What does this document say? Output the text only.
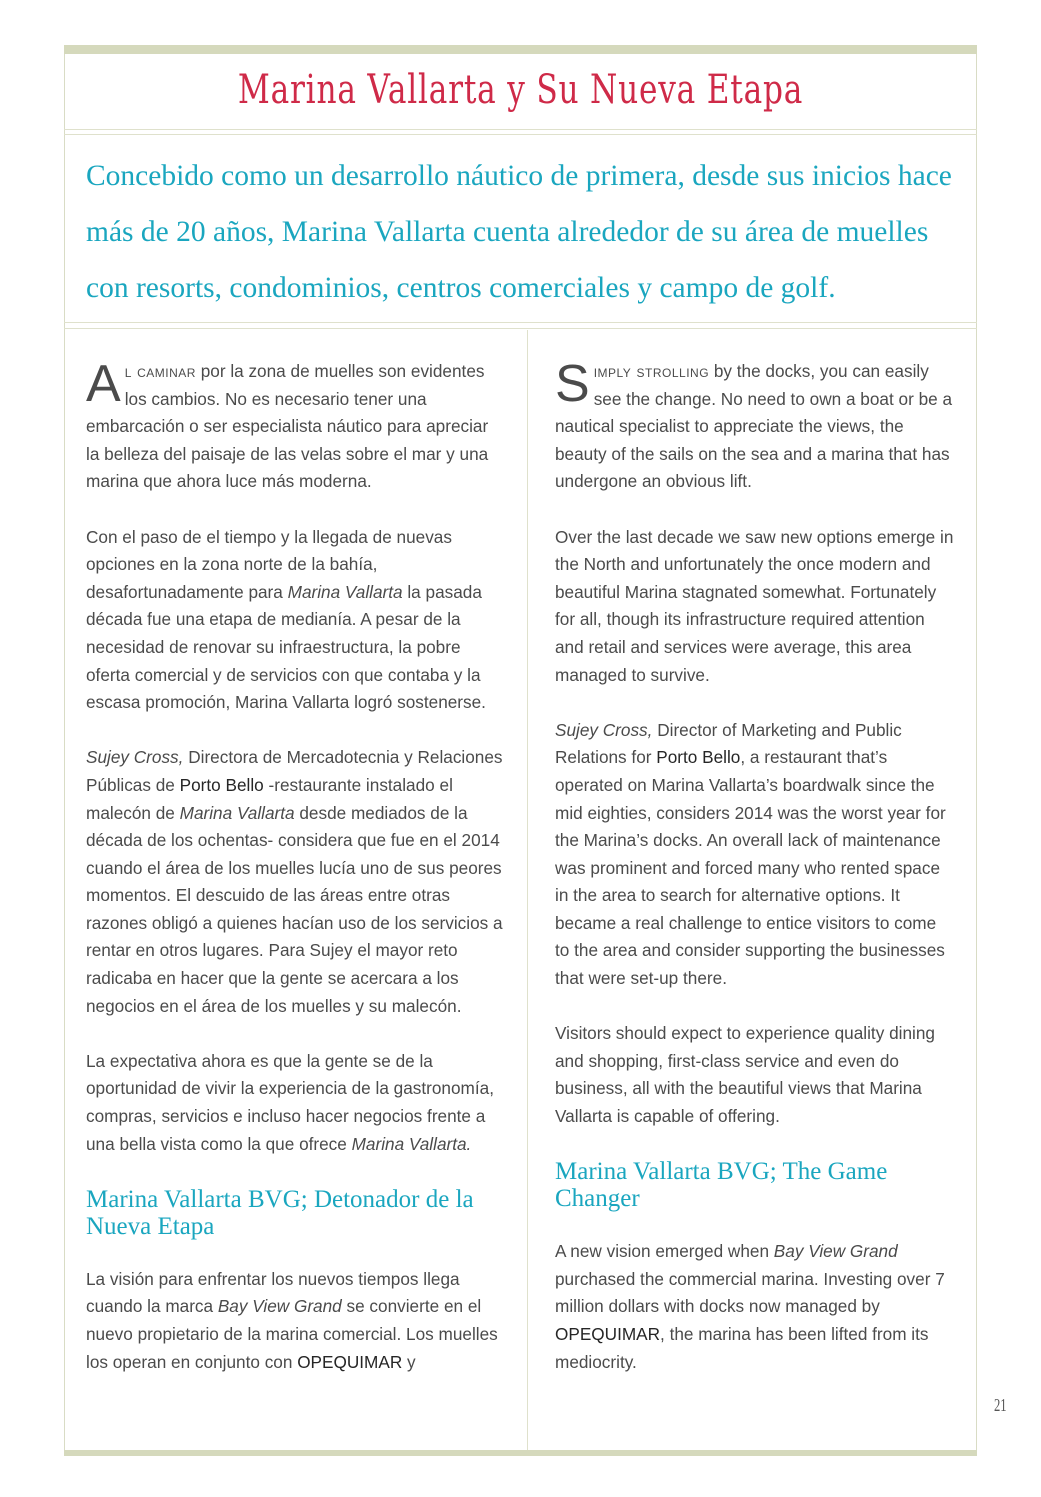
Marina Vallarta y Su Nueva Etapa

Concebido como un desarrollo náutico de primera, desde sus inicios hace más de 20 años, Marina Vallarta cuenta alrededor de su área de muelles con resorts, condominios, centros comerciales y campo de golf.

Al caminar por la zona de muelles son evidentes los cambios. No es necesario tener una embarcación o ser especialista náutico para apreciar la belleza del paisaje de las velas sobre el mar y una marina que ahora luce más moderna.

Con el paso de el tiempo y la llegada de nuevas opciones en la zona norte de la bahía, desafortunadamente para Marina Vallarta la pasada década fue una etapa de medianía. A pesar de la necesidad de renovar su infraestructura, la pobre oferta comercial y de servicios con que contaba y la escasa promoción, Marina Vallarta logró sostenerse.

Sujey Cross, Directora de Mercadotecnia y Relaciones Públicas de Porto Bello -restaurante instalado el malecón de Marina Vallarta desde mediados de la década de los ochentas- considera que fue en el 2014 cuando el área de los muelles lucía uno de sus peores momentos. El descuido de las áreas entre otras razones obligó a quienes hacían uso de los servicios a rentar en otros lugares. Para Sujey el mayor reto radicaba en hacer que la gente se acercara a los negocios en el área de los muelles y su malecón.

La expectativa ahora es que la gente se de la oportunidad de vivir la experiencia de la gastronomía, compras, servicios e incluso hacer negocios frente a una bella vista como la que ofrece Marina Vallarta.

Marina Vallarta BVG; Detonador de la Nueva Etapa

La visión para enfrentar los nuevos tiempos llega cuando la marca Bay View Grand se convierte en el nuevo propietario de la marina comercial. Los muelles los operan en conjunto con OPEQUIMAR y

Simply strolling by the docks, you can easily see the change. No need to own a boat or be a nautical specialist to appreciate the views, the beauty of the sails on the sea and a marina that has undergone an obvious lift.

Over the last decade we saw new options emerge in the North and unfortunately the once modern and beautiful Marina stagnated somewhat. Fortunately for all, though its infrastructure required attention and retail and services were average, this area managed to survive.

Sujey Cross, Director of Marketing and Public Relations for Porto Bello, a restaurant that’s operated on Marina Vallarta’s boardwalk since the mid eighties, considers 2014 was the worst year for the Marina’s docks. An overall lack of maintenance was prominent and forced many who rented space in the area to search for alternative options. It became a real challenge to entice visitors to come to the area and consider supporting the businesses that were set-up there.

Visitors should expect to experience quality dining and shopping, first-class service and even do business, all with the beautiful views that Marina Vallarta is capable of offering.

Marina Vallarta BVG; The Game Changer

A new vision emerged when Bay View Grand purchased the commercial marina. Investing over 7 million dollars with docks now managed by OPEQUIMAR, the marina has been lifted from its mediocrity.

21
